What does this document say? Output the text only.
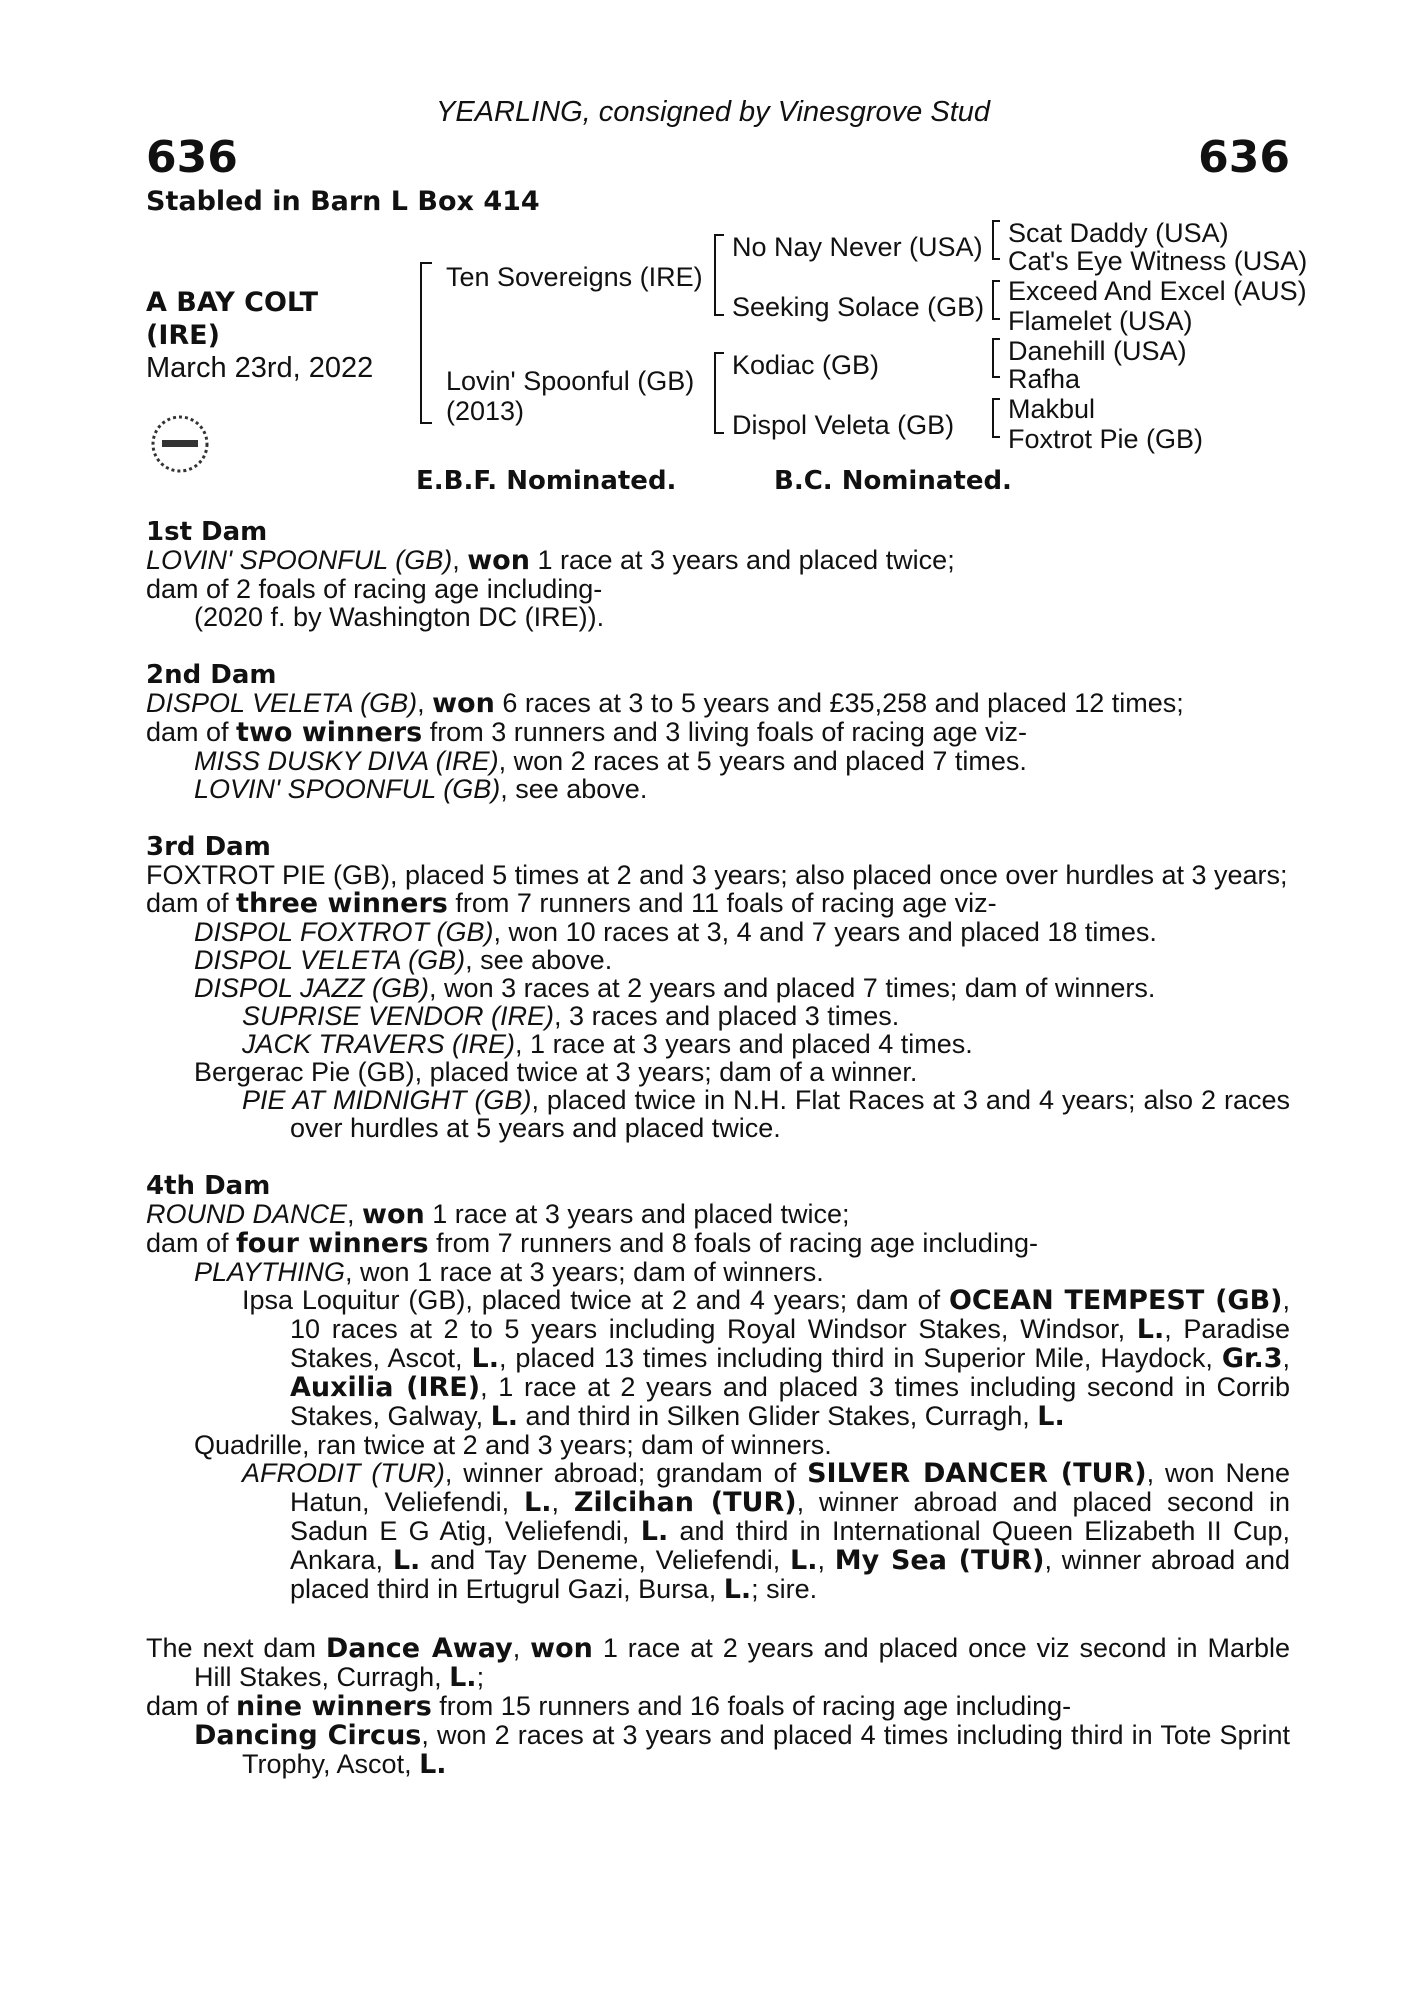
YEARLING, consigned by Vinesgrove Stud
636	636
Stabled in Barn L Box 414
A BAY COLT
(IRE)
March 23rd, 2022
Ten Sovereigns (IRE)
Lovin' Spoonful (GB)
(2013)
No Nay Never (USA)
Seeking Solace (GB)
Kodiac (GB)
Dispol Veleta (GB)
Scat Daddy (USA)
Cat's Eye Witness (USA)
Exceed And Excel (AUS)
Flamelet (USA)
Danehill (USA)
Rafha
Makbul
Foxtrot Pie (GB)
E.B.F. Nominated.	B.C. Nominated.
1st Dam
LOVIN' SPOONFUL (GB), won 1 race at 3 years and placed twice;
dam of 2 foals of racing age including-
(2020 f. by Washington DC (IRE)).
2nd Dam
DISPOL VELETA (GB), won 6 races at 3 to 5 years and £35,258 and placed 12 times;
dam of two winners from 3 runners and 3 living foals of racing age viz-
MISS DUSKY DIVA (IRE), won 2 races at 5 years and placed 7 times.
LOVIN' SPOONFUL (GB), see above.
3rd Dam
FOXTROT PIE (GB), placed 5 times at 2 and 3 years; also placed once over hurdles at 3 years;
dam of three winners from 7 runners and 11 foals of racing age viz-
DISPOL FOXTROT (GB), won 10 races at 3, 4 and 7 years and placed 18 times.
DISPOL VELETA (GB), see above.
DISPOL JAZZ (GB), won 3 races at 2 years and placed 7 times; dam of winners.
SUPRISE VENDOR (IRE), 3 races and placed 3 times.
JACK TRAVERS (IRE), 1 race at 3 years and placed 4 times.
Bergerac Pie (GB), placed twice at 3 years; dam of a winner.
PIE AT MIDNIGHT (GB), placed twice in N.H. Flat Races at 3 and 4 years; also 2 races over hurdles at 5 years and placed twice.
4th Dam
ROUND DANCE, won 1 race at 3 years and placed twice;
dam of four winners from 7 runners and 8 foals of racing age including-
PLAYTHING, won 1 race at 3 years; dam of winners.
Ipsa Loquitur (GB), placed twice at 2 and 4 years; dam of OCEAN TEMPEST (GB), 10 races at 2 to 5 years including Royal Windsor Stakes, Windsor, L., Paradise Stakes, Ascot, L., placed 13 times including third in Superior Mile, Haydock, Gr.3, Auxilia (IRE), 1 race at 2 years and placed 3 times including second in Corrib Stakes, Galway, L. and third in Silken Glider Stakes, Curragh, L.
Quadrille, ran twice at 2 and 3 years; dam of winners.
AFRODIT (TUR), winner abroad; grandam of SILVER DANCER (TUR), won Nene Hatun, Veliefendi, L., Zilcihan (TUR), winner abroad and placed second in Sadun E G Atig, Veliefendi, L. and third in International Queen Elizabeth II Cup, Ankara, L. and Tay Deneme, Veliefendi, L., My Sea (TUR), winner abroad and placed third in Ertugrul Gazi, Bursa, L.; sire.
The next dam Dance Away, won 1 race at 2 years and placed once viz second in Marble Hill Stakes, Curragh, L.;
dam of nine winners from 15 runners and 16 foals of racing age including-
Dancing Circus, won 2 races at 3 years and placed 4 times including third in Tote Sprint Trophy, Ascot, L.
